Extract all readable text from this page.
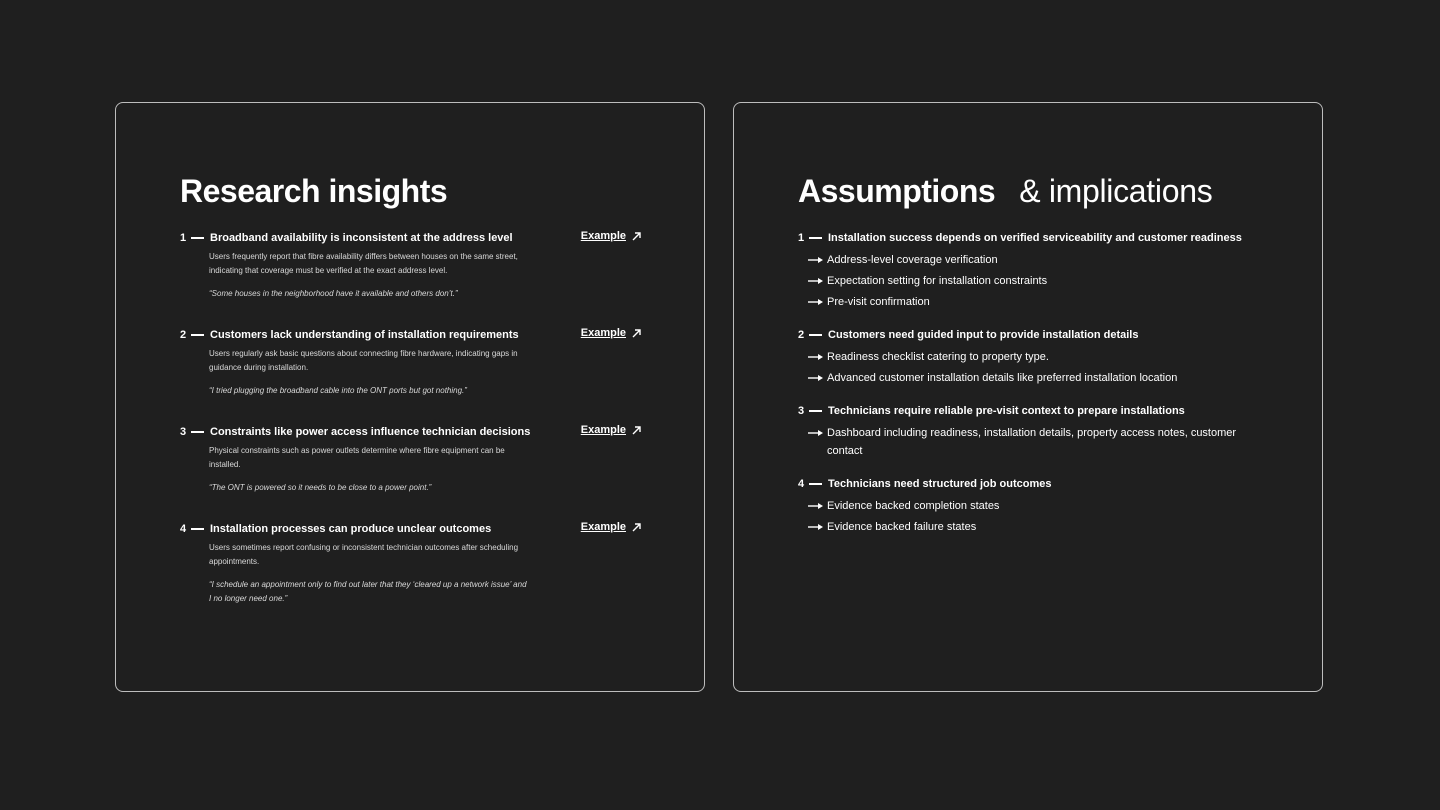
Research insights
1	Broadband availability is inconsistent at the address level	Example
Users frequently report that fibre availability differs between houses on the same street, indicating that coverage must be verified at the exact address level.
“Some houses in the neighborhood have it available and others don’t.”
2	Customers lack understanding of installation requirements	Example
Users regularly ask basic questions about connecting fibre hardware, indicating gaps in guidance during installation.
“I tried plugging the broadband cable into the ONT ports but got nothing.”
3	Constraints like power access influence technician decisions	Example
Physical constraints such as power outlets determine where fibre equipment can be installed.
“The ONT is powered so it needs to be close to a power point.”
4	Installation processes can produce unclear outcomes	Example
Users sometimes report confusing or inconsistent technician outcomes after scheduling appointments.
“I schedule an appointment only to find out later that they ‘cleared up a network issue’ and I no longer need one.”
Assumptions & implications
1	Installation success depends on verified serviceability and customer readiness
Address-level coverage verification
Expectation setting for installation constraints
Pre-visit confirmation
2	Customers need guided input to provide installation details
Readiness checklist catering to property type.
Advanced customer installation details like preferred installation location
3	Technicians require reliable pre-visit context to prepare installations
Dashboard including readiness, installation details, property access notes, customer contact
4	Technicians need structured job outcomes
Evidence backed completion states
Evidence backed failure states
